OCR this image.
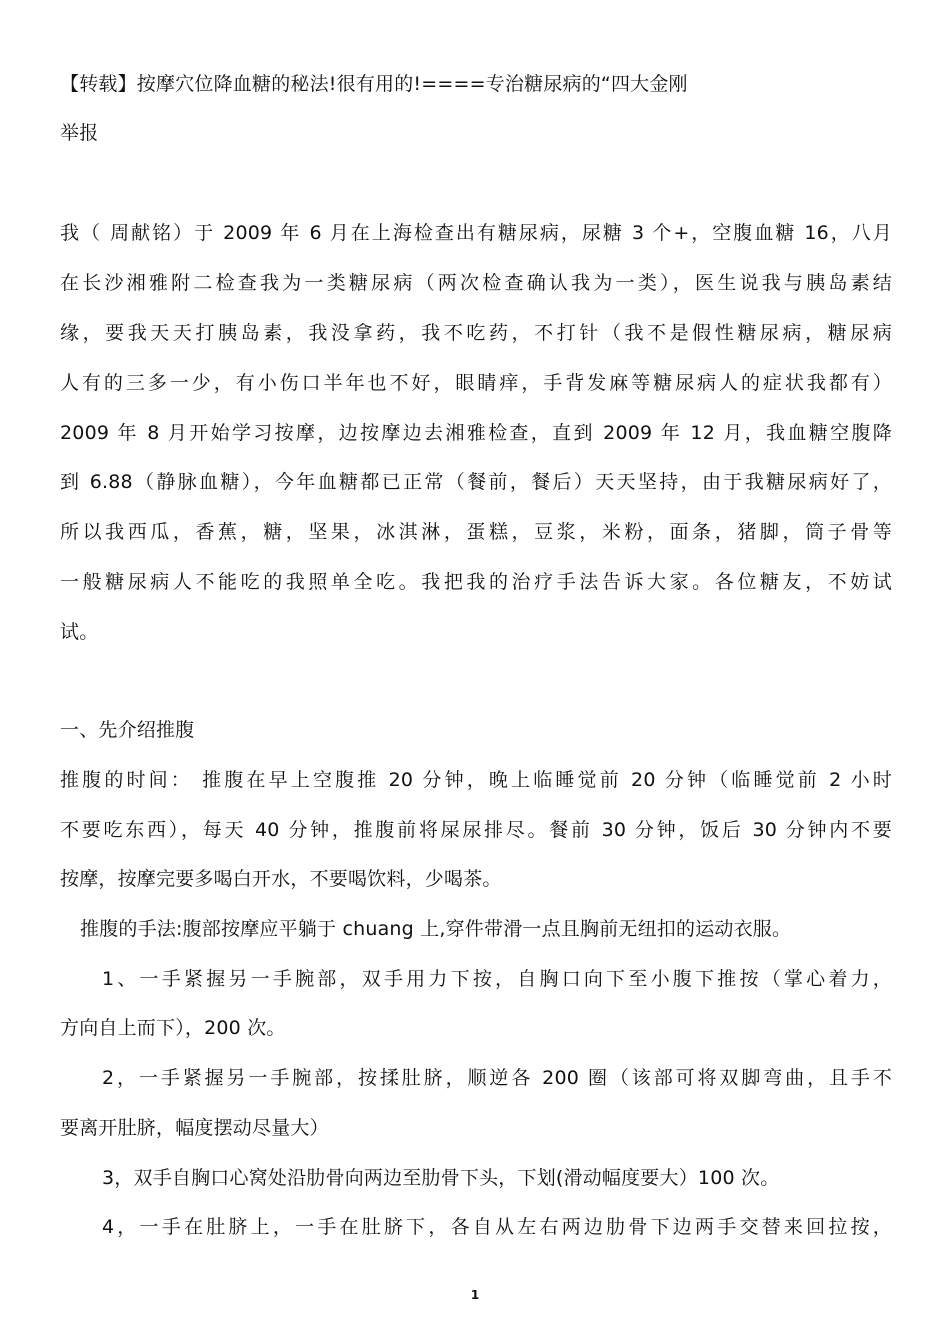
【转载】按摩穴位降血糖的秘法!很有用的!====专治糖尿病的“四大金刚
举报
我（ 周献铭）于 2009 年 6 月在上海检查出有糖尿病，尿糖 3 个+，空腹血糖 16，八月
在长沙湘雅附二检查我为一类糖尿病（两次检查确认我为一类），医生说我与胰岛素结
缘，要我天天打胰岛素，我没拿药，我不吃药，不打针（我不是假性糖尿病，糖尿病
人有的三多一少，有小伤口半年也不好，眼睛痒，手背发麻等糖尿病人的症状我都有）
2009 年 8 月开始学习按摩，边按摩边去湘雅检查，直到 2009 年 12 月，我血糖空腹降
到 6.88（静脉血糖），今年血糖都已正常（餐前，餐后）天天坚持，由于我糖尿病好了，
所以我西瓜，香蕉，糖，坚果，冰淇淋，蛋糕，豆浆，米粉，面条，猪脚，筒子骨等
一般糖尿病人不能吃的我照单全吃。我把我的治疗手法告诉大家。各位糖友，不妨试
试。
一、先介绍推腹
推腹的时间： 推腹在早上空腹推 20 分钟，晚上临睡觉前 20 分钟（临睡觉前 2 小时
不要吃东西），每天 40 分钟，推腹前将屎尿排尽。餐前 30 分钟，饭后 30 分钟内不要
按摩，按摩完要多喝白开水，不要喝饮料，少喝茶。
推腹的手法:腹部按摩应平躺于 chuang 上,穿件带滑一点且胸前无纽扣的运动衣服。
1、一手紧握另一手腕部，双手用力下按，自胸口向下至小腹下推按（掌心着力，
方向自上而下），200 次。
2，一手紧握另一手腕部，按揉肚脐，顺逆各 200 圈（该部可将双脚弯曲，且手不
要离开肚脐，幅度摆动尽量大）
3，双手自胸口心窝处沿肋骨向两边至肋骨下头，下划(滑动幅度要大）100 次。
4，一手在肚脐上，一手在肚脐下，各自从左右两边肋骨下边两手交替来回拉按，
1
